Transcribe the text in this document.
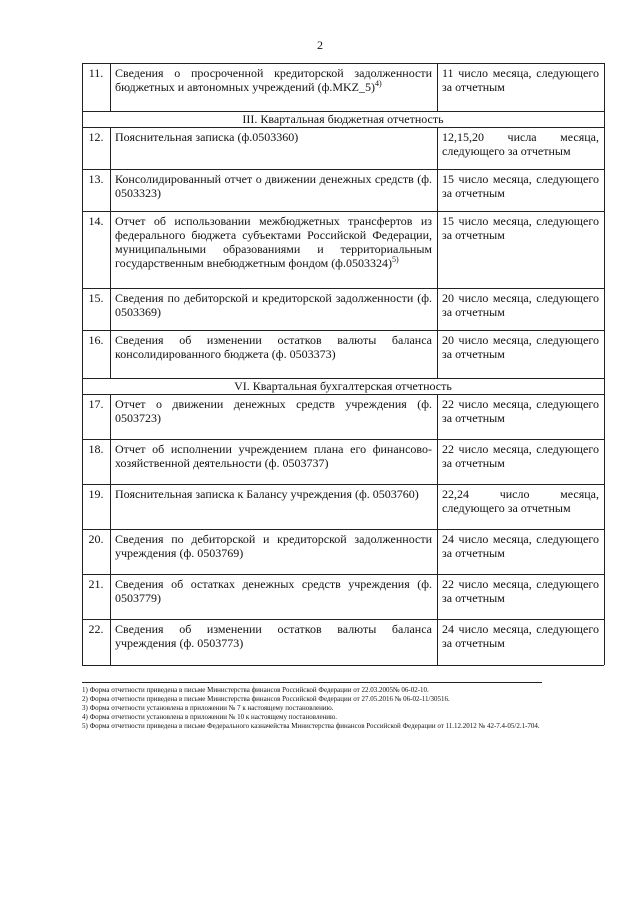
2
11. Сведения о просроченной кредиторской задолженности бюджетных и автономных учреждений (ф.MKZ_5)$^{4)}$
11 число месяца, следующего за отчетным
III. Квартальная бюджетная отчетность
12. Пояснительная записка (ф.0503360)	12,15,20 числа месяца, следующего за отчетным
13. Консолидированный отчет о движении денежных средств (ф. 0503323)
15 число месяца, следующего за отчетным
14. Отчет об использовании межбюджетных трансфертов из федерального бюджета субъектами Российской Федерации, муниципальными образованиями и территориальным государственным внебюджетным фондом $(ф.0503324)^{5)}$
15 число месяца, следующего за отчетным
15. Сведения по дебиторской и кредиторской задолженности (ф. 0503369)
20 число месяца, следующего за отчетным
16. Сведения об изменении остатков валюты баланса консолидированного бюджета (ф. 0503373)
20 число месяца, следующего за отчетным
VI. Квартальная бухгалтерская отчетность
17. Отчет о движении денежных средств учреждения (ф. 0503723)
22 число месяца, следующего за отчетным
18. Отчет об исполнении учреждением плана его финансово-хозяйственной деятельности (ф. 0503737)
22 число месяца, следующего за отчетным
19. Пояснительная записка к Балансу учреждения (ф. 0503760)	22,24 число месяца, следующего за отчетным
20. Сведения по дебиторской и кредиторской задолженности учреждения (ф. 0503769)
24 число месяца, следующего за отчетным
21. Сведения об остатках денежных средств учреждения (ф. 0503779)
22 число месяца, следующего за отчетным
22. Сведения об изменении остатков валюты баланса учреждения (ф. 0503773)
24 число месяца, следующего за отчетным
1) Форма отчетности приведена в письме Министерства финансов Российской Федерации от 22.03.2005№ 06-02-10.
2) Форма отчетности приведена в письме Министерства финансов Российской Федерации от 27.05.2016 № 06-02-11/30516.
3) Форма отчетности установлена в приложении № 7 к настоящему постановлению.
4) Форма отчетности установлена в приложении № 10 к настоящему постановлению.
5) Форма отчетности приведена в письме Федерального казначейства Министерства финансов Российской Федерации от 11.12.2012 № 42-7.4-05/2.1-704.
